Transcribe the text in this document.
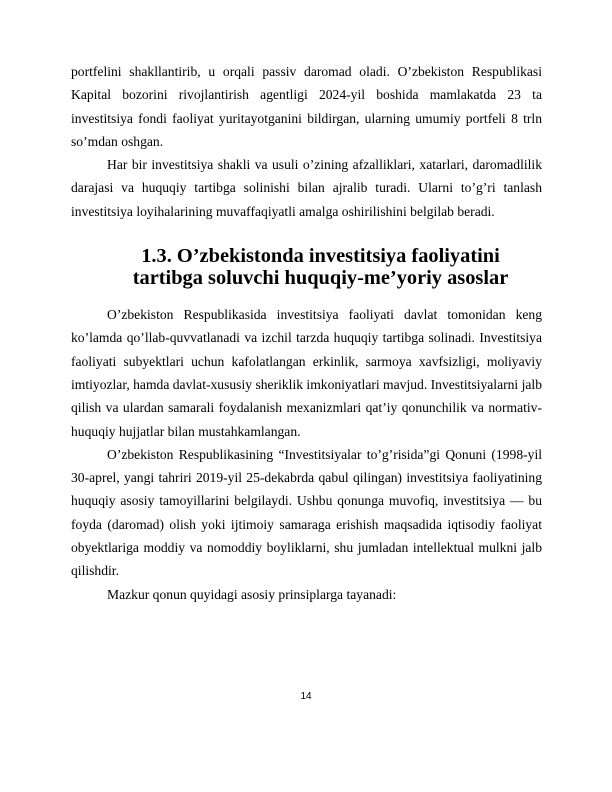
portfelini shakllantirib, u orqali passiv daromad oladi. O’zbekiston Respublikasi Kapital bozorini rivojlantirish agentligi 2024-yil boshida mamlakatda 23 ta investitsiya fondi faoliyat yuritayotganini bildirgan, ularning umumiy portfeli 8 trln so’mdan oshgan.

Har bir investitsiya shakli va usuli o’zining afzalliklari, xatarlari, daromadlilik darajasi va huquqiy tartibga solinishi bilan ajralib turadi. Ularni to’g’ri tanlash investitsiya loyihalarining muvaffaqiyatli amalga oshirilishini belgilab beradi.

1.3. O’zbekistonda investitsiya faoliyatini tartibga soluvchi huquqiy-me’yoriy asoslar

O’zbekiston Respublikasida investitsiya faoliyati davlat tomonidan keng ko’lamda qo’llab-quvvatlanadi va izchil tarzda huquqiy tartibga solinadi. Investitsiya faoliyati subyektlari uchun kafolatlangan erkinlik, sarmoya xavfsizligi, moliyaviy imtiyozlar, hamda davlat-xususiy sheriklik imkoniyatlari mavjud. Investitsiyalarni jalb qilish va ulardan samarali foydalanish mexanizmlari qat’iy qonunchilik va normativ-huquqiy hujjatlar bilan mustahkamlangan.

O’zbekiston Respublikasining “Investitsiyalar to’g’risida”gi Qonuni (1998-yil 30-aprel, yangi tahriri 2019-yil 25-dekabrda qabul qilingan) investitsiya faoliyatining huquqiy asosiy tamoyillarini belgilaydi. Ushbu qonunga muvofiq, investitsiya — bu foyda (daromad) olish yoki ijtimoiy samaraga erishish maqsadida iqtisodiy faoliyat obyektlariga moddiy va nomoddiy boyliklarni, shu jumladan intellektual mulkni jalb qilishdir.

Mazkur qonun quyidagi asosiy prinsiplarga tayanadi:

14
